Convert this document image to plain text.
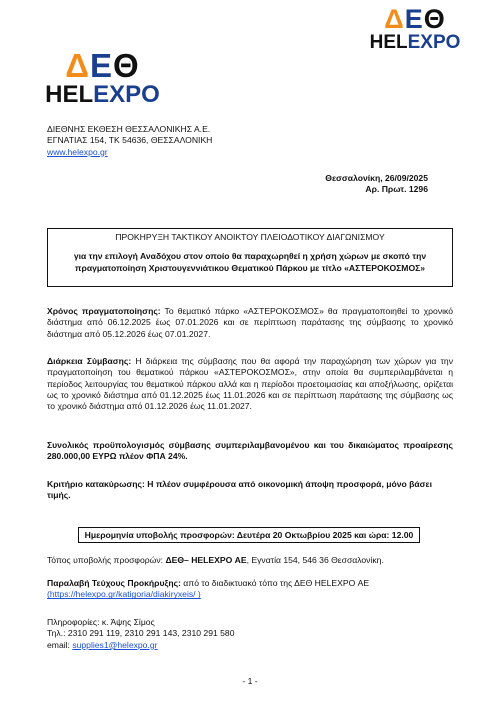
Δ Ε Θ
HELEXPO
Δ Ε Θ
HELEXPO
ΔΙΕΘΝΗΣ ΕΚΘΕΣΗ ΘΕΣΣΑΛΟΝΙΚΗΣ Α.Ε.
ΕΓΝΑΤΙΑΣ 154, ΤΚ 54636, ΘΕΣΣΑΛΟΝΙΚΗ
www.helexpo.gr
Θεσσαλονίκη, 26/09/2025
Αρ. Πρωτ. 1296
ΠΡΟΚΗΡΥΞΗ ΤΑΚΤΙΚΟΥ ΑΝΟΙΚΤΟΥ ΠΛΕΙΟΔΟΤΙΚΟΥ ΔΙΑΓΩΝΙΣΜΟΥ
για την επιλογή Αναδόχου στον οποίο θα παραχωρηθεί η χρήση χώρων με σκοπό την
πραγματοποίηση Χριστουγεννιάτικου Θεματικού Πάρκου με τίτλο «ΑΣΤΕΡΟΚΟΣΜΟΣ»
Χρόνος πραγματοποίησης: Το θεματικό πάρκο «ΑΣΤΕΡΟΚΟΣΜΟΣ» θα πραγματοποιηθεί το χρονικό διάστημα από 06.12.2025 έως 07.01.2026 και σε περίπτωση παράτασης της σύμβασης το χρονικό διάστημα από 05.12.2026 έως 07.01.2027.
Διάρκεια Σύμβασης: Η διάρκεια της σύμβασης που θα αφορά την παραχώρηση των χώρων για την πραγματοποίηση του θεματικού πάρκου «ΑΣΤΕΡΟΚΟΣΜΟΣ», στην οποία θα συμπεριλαμβάνεται η περίοδος λειτουργίας του θεματικού πάρκου αλλά και η περίοδοι προετοιμασίας και αποξήλωσης, ορίζεται ως το χρονικό διάστημα από 01.12.2025 έως 11.01.2026 και σε περίπτωση παράτασης της σύμβασης ως το χρονικό διάστημα από 01.12.2026 έως 11.01.2027.
Συνολικός προϋπολογισμός σύμβασης συμπεριλαμβανομένου και του δικαιώματος προαίρεσης 280.000,00 ΕΥΡΩ πλέον ΦΠΑ 24%.
Κριτήριο κατακύρωσης: Η πλέον συμφέρουσα από οικονομική άποψη προσφορά, μόνο βάσει τιμής.
Ημερομηνία υποβολής προσφορών: Δευτέρα 20 Οκτωβρίου 2025 και ώρα: 12.00
Τόπος υποβολής προσφορών: ΔΕΘ– HELEXPO ΑΕ, Εγνατία 154, 546 36 Θεσσαλονίκη.
Παραλαβή Τεύχους Προκήρυξης: από το διαδικτυακό τόπο της ΔΕΘ HELEXPO ΑΕ
(https://helexpo.gr/katigoria/diakiryxeis/ )
Πληροφορίες: κ. Άψης Σίμος
Τηλ.: 2310 291 119, 2310 291 143, 2310 291 580
email: supplies1@helexpo.gr
- 1 -
